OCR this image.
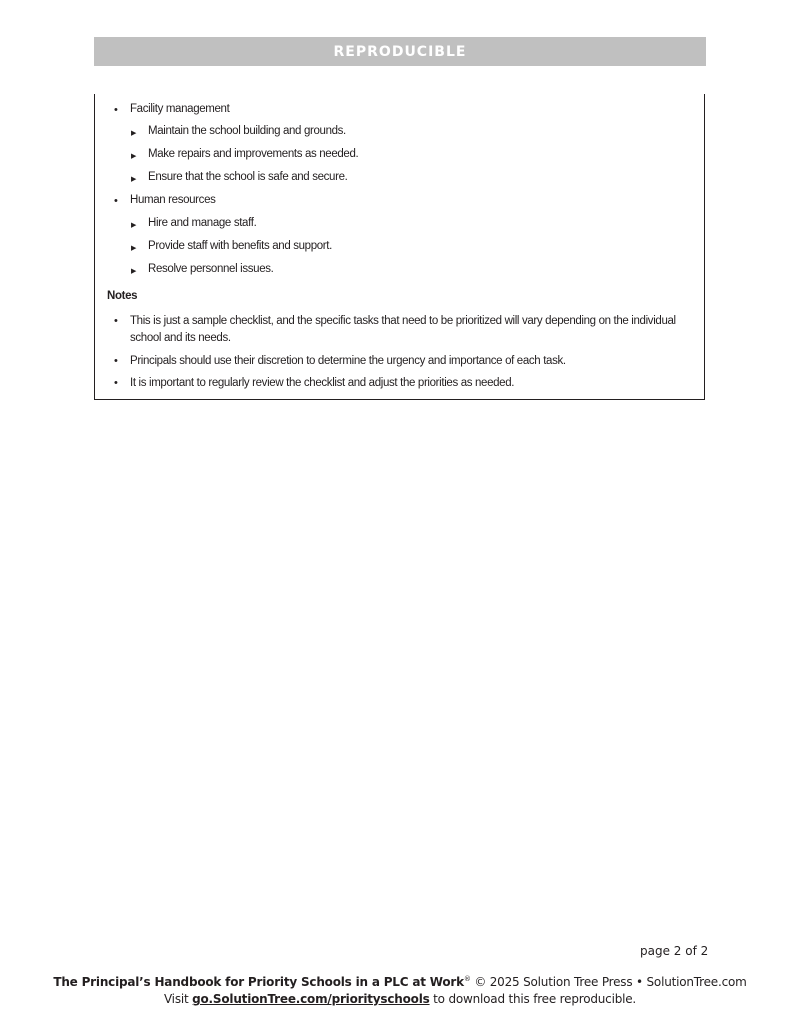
REPRODUCIBLE
• Facility management
▶ Maintain the school building and grounds.
▶ Make repairs and improvements as needed.
▶ Ensure that the school is safe and secure.
• Human resources
▶ Hire and manage staff.
▶ Provide staff with benefits and support.
▶ Resolve personnel issues.
Notes
• This is just a sample checklist, and the specific tasks that need to be prioritized will vary depending on the individual school and its needs.
• Principals should use their discretion to determine the urgency and importance of each task.
• It is important to regularly review the checklist and adjust the priorities as needed.
page 2 of 2
The Principal’s Handbook for Priority Schools in a PLC at Work® © 2025 Solution Tree Press • SolutionTree.com
Visit go.SolutionTree.com/priorityschools to download this free reproducible.
